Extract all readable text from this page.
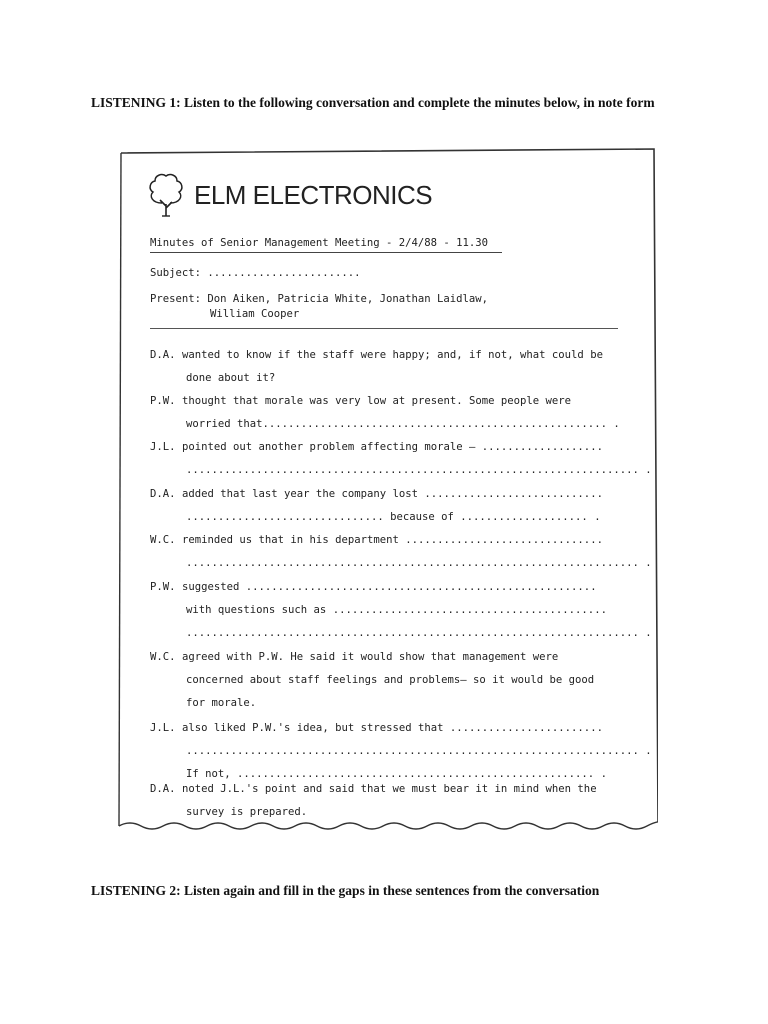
LISTENING 1: Listen to the following conversation and complete the minutes below, in note form
ELM ELECTRONICS
Minutes of Senior Management Meeting - 2/4/88 - 11.30
Subject: ........................
Present: Don Aiken, Patricia White, Jonathan Laidlaw,
William Cooper
D.A. wanted to know if the staff were happy; and, if not, what could be
done about it?
P.W. thought that morale was very low at present. Some people were
worried that...................................................... .
J.L. pointed out another problem affecting morale — ...................
....................................................................... .
D.A. added that last year the company lost ............................
............................... because of .................... .
W.C. reminded us that in his department ...............................
....................................................................... .
P.W. suggested .......................................................
with questions such as ...........................................
....................................................................... .
W.C. agreed with P.W. He said it would show that management were
concerned about staff feelings and problems— so it would be good
for morale.
J.L. also liked P.W.'s idea, but stressed that ........................
....................................................................... .
If not, ........................................................ .
D.A. noted J.L.'s point and said that we must bear it in mind when the
survey is prepared.
LISTENING 2: Listen again and fill in the gaps in these sentences from the conversation
